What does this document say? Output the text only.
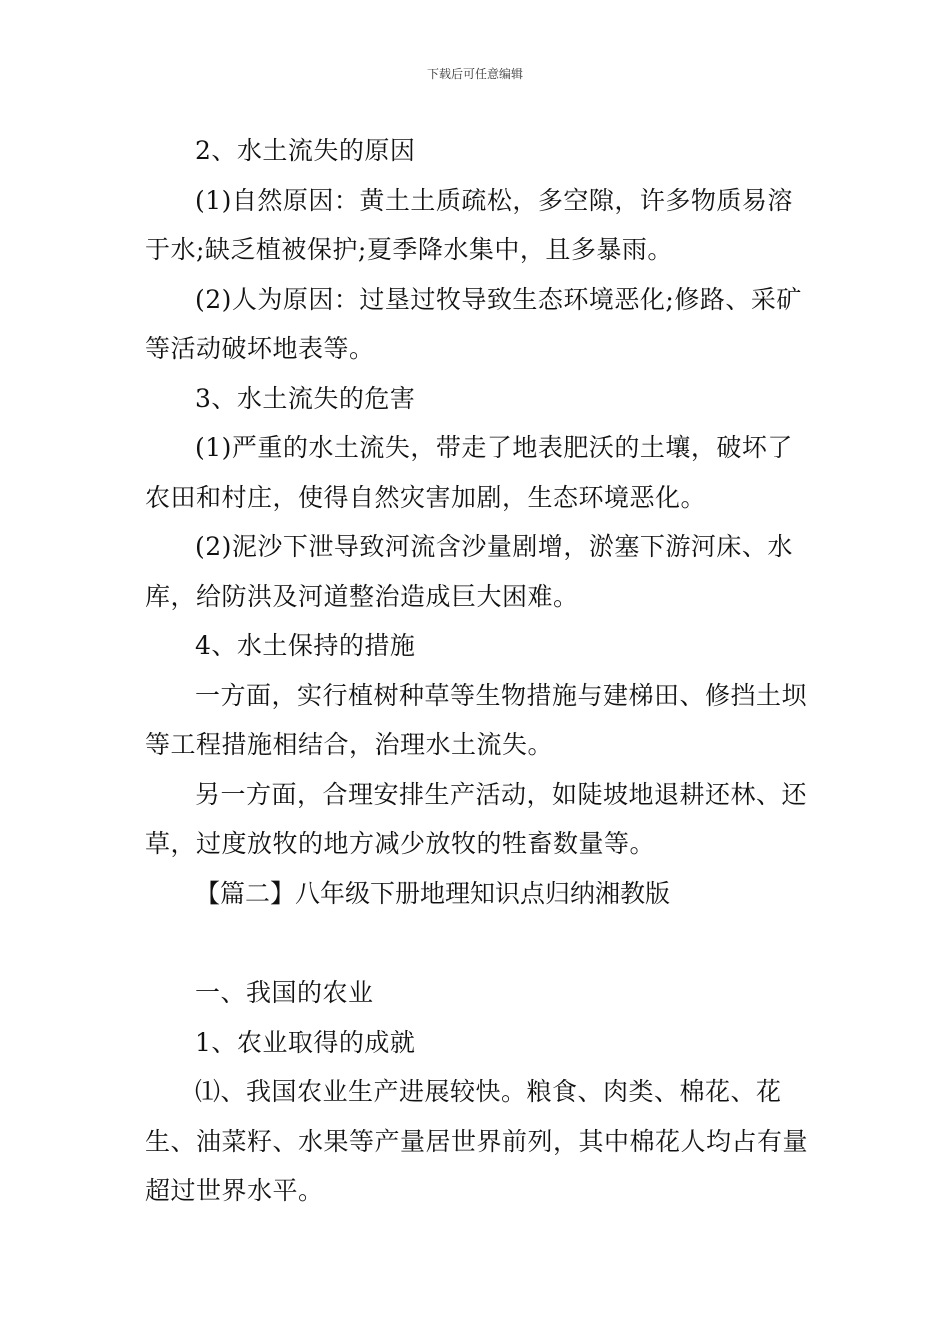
下载后可任意编辑

2、水土流失的原因

(1)自然原因：黄土土质疏松，多空隙，许多物质易溶于水;缺乏植被保护;夏季降水集中，且多暴雨。

(2)人为原因：过垦过牧导致生态环境恶化;修路、采矿等活动破坏地表等。

3、水土流失的危害

(1)严重的水土流失，带走了地表肥沃的土壤，破坏了农田和村庄，使得自然灾害加剧，生态环境恶化。

(2)泥沙下泄导致河流含沙量剧增，淤塞下游河床、水库，给防洪及河道整治造成巨大困难。

4、水土保持的措施

一方面，实行植树种草等生物措施与建梯田、修挡土坝等工程措施相结合，治理水土流失。

另一方面，合理安排生产活动，如陡坡地退耕还林、还草，过度放牧的地方减少放牧的牲畜数量等。

【篇二】八年级下册地理知识点归纳湘教版

一、我国的农业

1、农业取得的成就

⑴、我国农业生产进展较快。粮食、肉类、棉花、花生、油菜籽、水果等产量居世界前列，其中棉花人均占有量超过世界水平。
